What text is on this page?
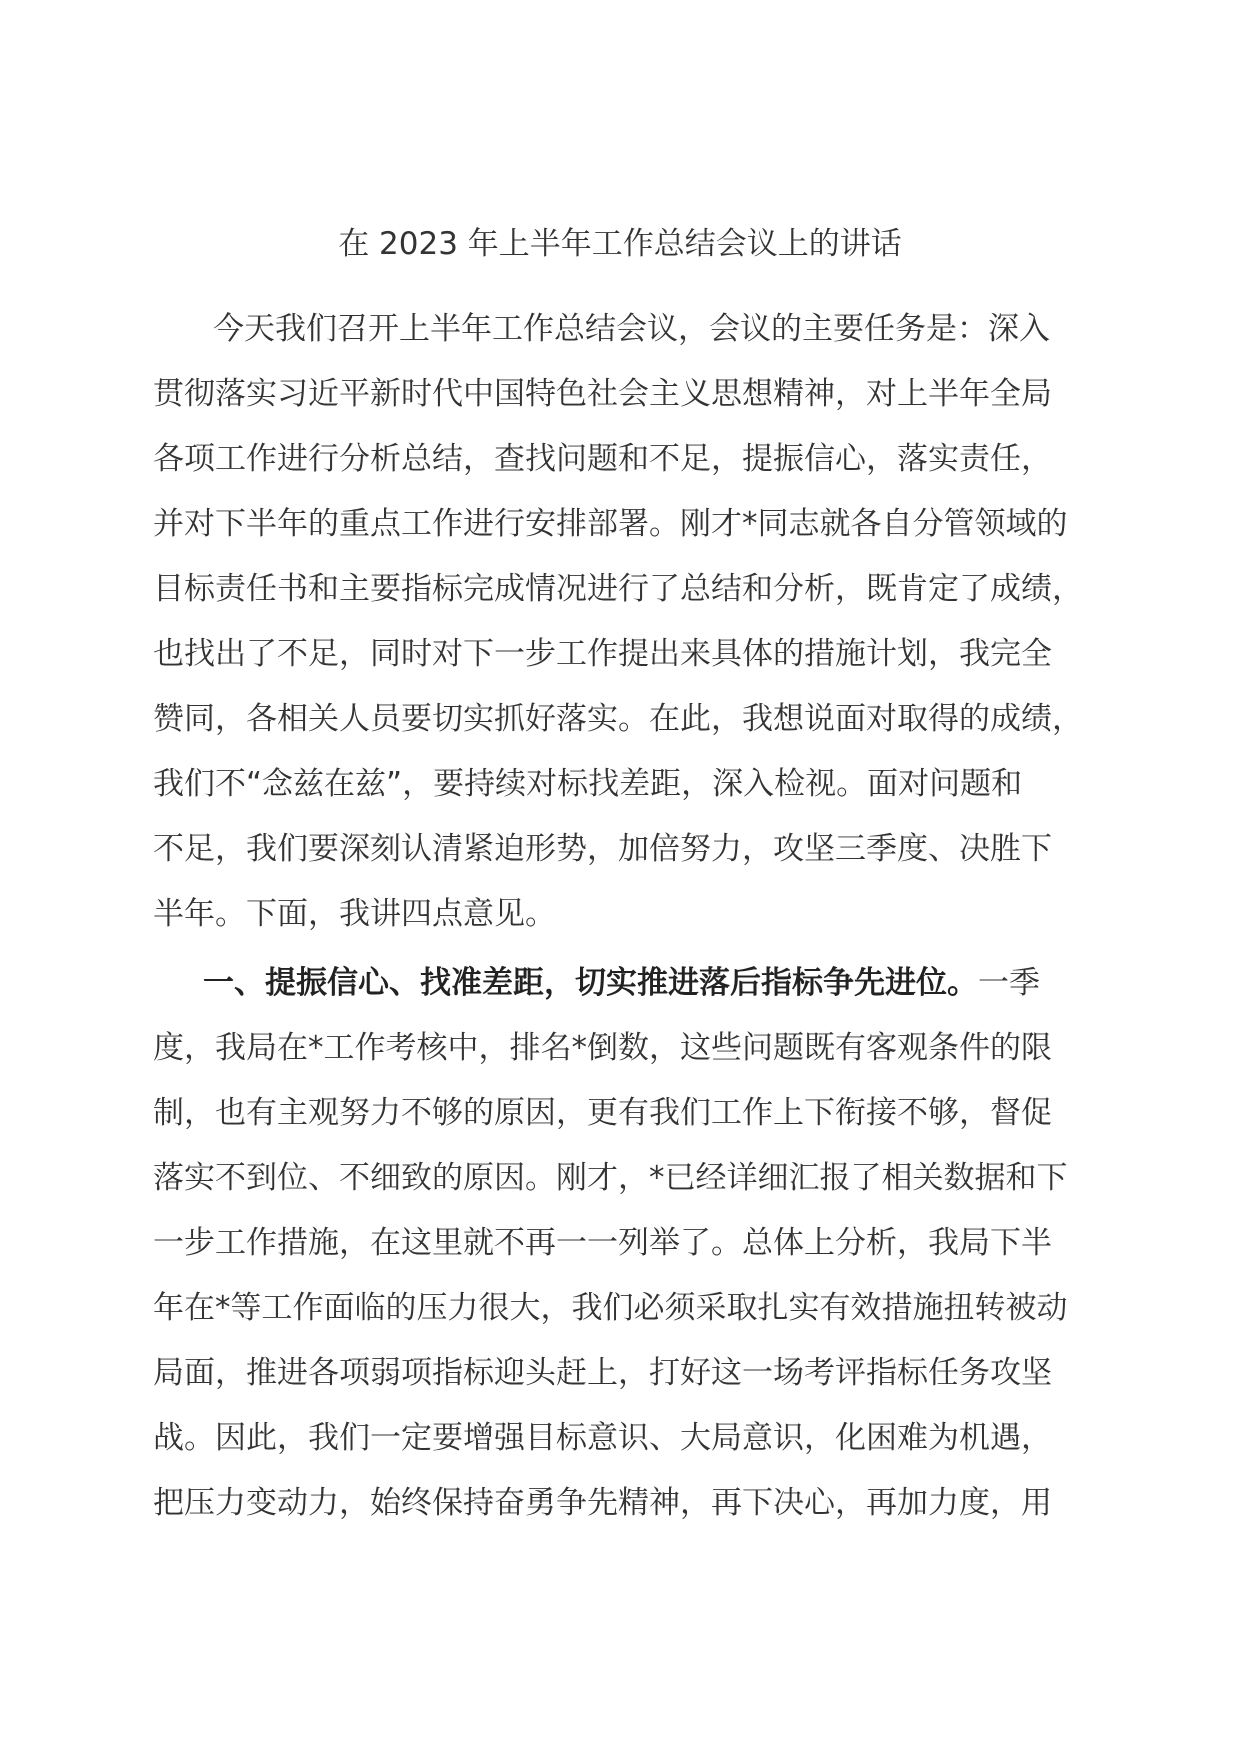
在 2023 年上半年工作总结会议上的讲话
今天我们召开上半年工作总结会议，会议的主要任务是：深入
贯彻落实习近平新时代中国特色社会主义思想精神，对上半年全局
各项工作进行分析总结，查找问题和不足，提振信心，落实责任，
并对下半年的重点工作进行安排部署。刚才*同志就各自分管领域的
目标责任书和主要指标完成情况进行了总结和分析，既肯定了成绩，
也找出了不足，同时对下一步工作提出来具体的措施计划，我完全
赞同，各相关人员要切实抓好落实。在此，我想说面对取得的成绩，
我们不“念兹在兹”，要持续对标找差距，深入检视。面对问题和
不足，我们要深刻认清紧迫形势，加倍努力，攻坚三季度、决胜下
半年。下面，我讲四点意见。
一、提振信心、找准差距，切实推进落后指标争先进位。一季
度，我局在*工作考核中，排名*倒数，这些问题既有客观条件的限
制，也有主观努力不够的原因，更有我们工作上下衔接不够，督促
落实不到位、不细致的原因。刚才，*已经详细汇报了相关数据和下
一步工作措施，在这里就不再一一列举了。总体上分析，我局下半
年在*等工作面临的压力很大，我们必须采取扎实有效措施扭转被动
局面，推进各项弱项指标迎头赶上，打好这一场考评指标任务攻坚
战。因此，我们一定要增强目标意识、大局意识，化困难为机遇，
把压力变动力，始终保持奋勇争先精神，再下决心，再加力度，用
